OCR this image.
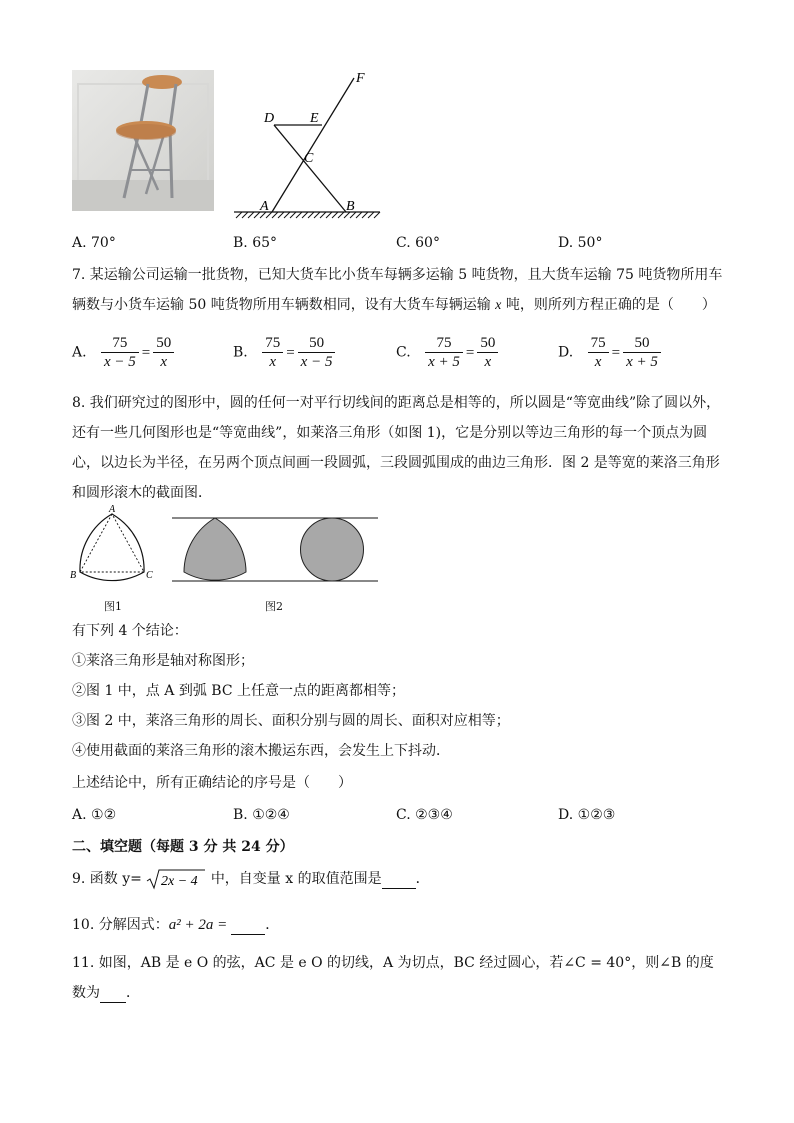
F
D	E
C
A	B
A. 70°	B. 65°	C. 60°	D. 50°
7. 某运输公司运输一批货物，已知大货车比小货车每辆多运输 5 吨货物，且大货车运输 75 吨货物所用车
辆数与小货车运输 50 吨货物所用车辆数相同，设有大货车每辆运输 x 吨，则所列方程正确的是（　　）
A. $\frac{75}{x - 5} = \frac{50}{x}$	B. $\frac{75}{x} = \frac{50}{x - 5}$	C. $\frac{75}{x + 5} = \frac{50}{x}$	D. $\frac{75}{x} = \frac{50}{x + 5}$
8. 我们研究过的图形中，圆的任何一对平行切线间的距离总是相等的，所以圆是“等宽曲线”除了圆以外，
还有一些几何图形也是“等宽曲线”，如莱洛三角形（如图 1)，它是分别以等边三角形的每一个顶点为圆
心，以边长为半径，在另两个顶点间画一段圆弧，三段圆弧围成的曲边三角形．图 2 是等宽的莱洛三角形
和圆形滚木的截面图．
A
B	C
图1	图2
有下列 4 个结论：
①莱洛三角形是轴对称图形；
②图 1 中，点 A 到弧 BC 上任意一点的距离都相等；
③图 2 中，莱洛三角形的周长、面积分别与圆的周长、面积对应相等；
④使用截面的莱洛三角形的滚木搬运东西，会发生上下抖动．
上述结论中，所有正确结论的序号是（　　）
A. ①②	B. ①②④	C. ②③④	D. ①②③
二、填空题（每题 3 分 共 24 分）
9. 函数 y= 2x − 4 中，自变量 x 的取值范围是 ．
10. 分解因式：a² + 2a =	．
11. 如图，AB 是 e O 的弦，AC 是 e O 的切线，A 为切点，BC 经过圆心，若∠C = 40°，则∠B 的度
数为 ．
